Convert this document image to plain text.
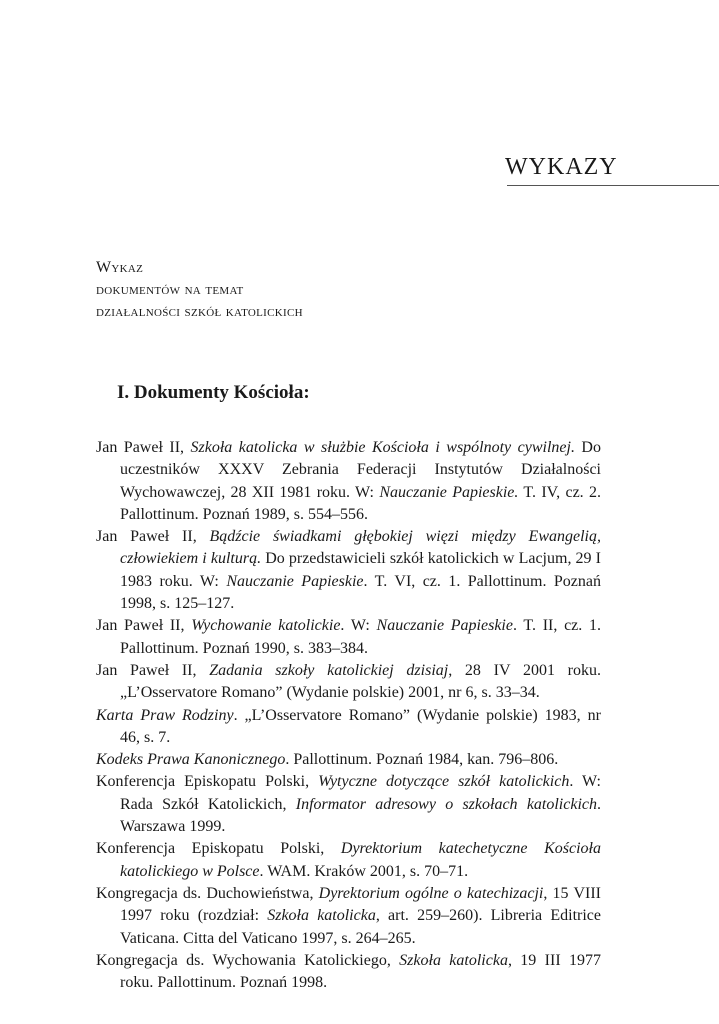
WYKAZY
Wykaz
dokumentów na temat
działalności szkół katolickich
I. Dokumenty Kościoła:
Jan Paweł II, Szkoła katolicka w służbie Kościoła i wspólnoty cywilnej. Do uczestników XXXV Zebrania Federacji Instytutów Działalności Wychowawczej, 28 XII 1981 roku. W: Nauczanie Papieskie. T. IV, cz. 2. Pallottinum. Poznań 1989, s. 554–556.
Jan Paweł II, Bądźcie świadkami głębokiej więzi między Ewangelią, człowiekiem i kulturą. Do przedstawicieli szkół katolickich w Lacjum, 29 I 1983 roku. W: Nauczanie Papieskie. T. VI, cz. 1. Pallottinum. Poznań 1998, s. 125–127.
Jan Paweł II, Wychowanie katolickie. W: Nauczanie Papieskie. T. II, cz. 1. Pallottinum. Poznań 1990, s. 383–384.
Jan Paweł II, Zadania szkoły katolickiej dzisiaj, 28 IV 2001 roku. „L’Osservatore Romano” (Wydanie polskie) 2001, nr 6, s. 33–34.
Karta Praw Rodziny. „L’Osservatore Romano” (Wydanie polskie) 1983, nr 46, s. 7.
Kodeks Prawa Kanonicznego. Pallottinum. Poznań 1984, kan. 796–806.
Konferencja Episkopatu Polski, Wytyczne dotyczące szkół katolickich. W: Rada Szkół Katolickich, Informator adresowy o szkołach katolickich. Warszawa 1999.
Konferencja Episkopatu Polski, Dyrektorium katechetyczne Kościoła katolickiego w Polsce. WAM. Kraków 2001, s. 70–71.
Kongregacja ds. Duchowieństwa, Dyrektorium ogólne o katechizacji, 15 VIII 1997 roku (rozdział: Szkoła katolicka, art. 259–260). Libreria Editrice Vaticana. Citta del Vaticano 1997, s. 264–265.
Kongregacja ds. Wychowania Katolickiego, Szkoła katolicka, 19 III 1977 roku. Pallottinum. Poznań 1998.
